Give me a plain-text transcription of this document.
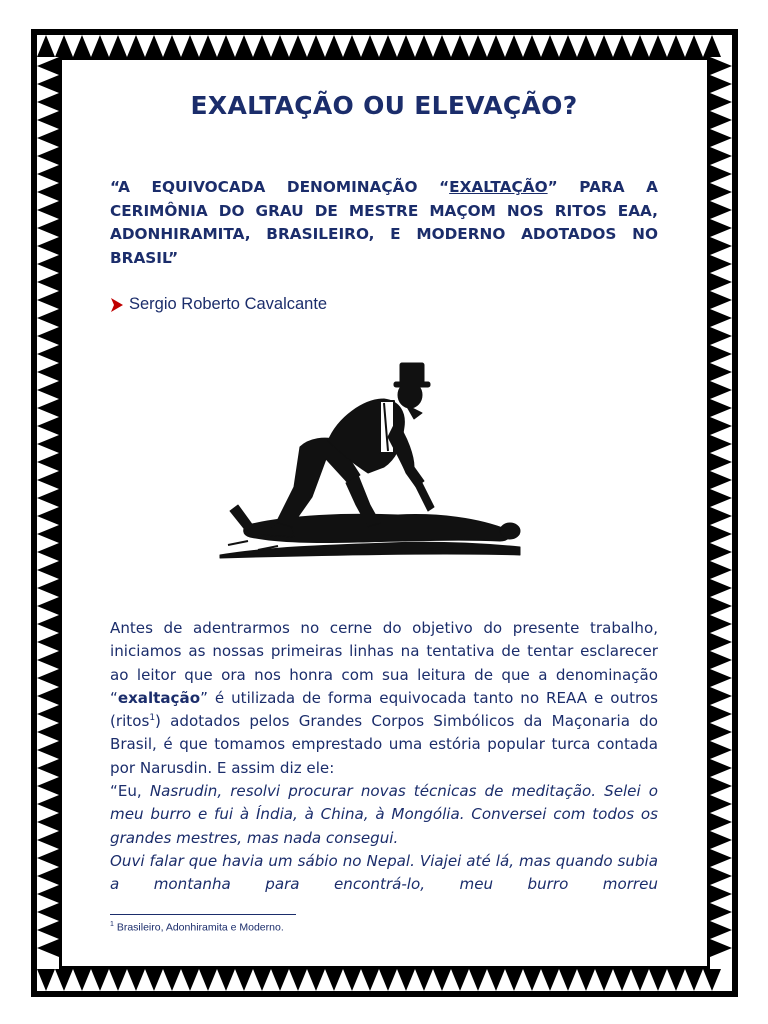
EXALTAÇÃO OU ELEVAÇÃO?

“A EQUIVOCADA DENOMINAÇÃO “EXALTAÇÃO” PARA A CERIMÔNIA DO GRAU DE MESTRE MAÇOM NOS RITOS EAA, ADONHIRAMITA, BRASILEIRO, E MODERNO ADOTADOS NO BRASIL”

Sergio Roberto Cavalcante

Antes de adentrarmos no cerne do objetivo do presente trabalho, iniciamos as nossas primeiras linhas na tentativa de tentar esclarecer ao leitor que ora nos honra com sua leitura de que a denominação “exaltação” é utilizada de forma equivocada tanto no REAA e outros (ritos$^1$) adotados pelos Grandes Corpos Simbólicos da Maçonaria do Brasil, é que tomamos emprestado uma estória popular turca contada por Narusdin. E assim diz ele:

“Eu, Nasrudin, resolvi procurar novas técnicas de meditação. Selei o meu burro e fui à Índia, à China, à Mongólia. Conversei com todos os grandes mestres, mas nada consegui.

Ouvi falar que havia um sábio no Nepal. Viajei até lá, mas quando subia a montanha para encontrá-lo, meu burro morreu

$^1$ Brasileiro, Adonhiramita e Moderno.
